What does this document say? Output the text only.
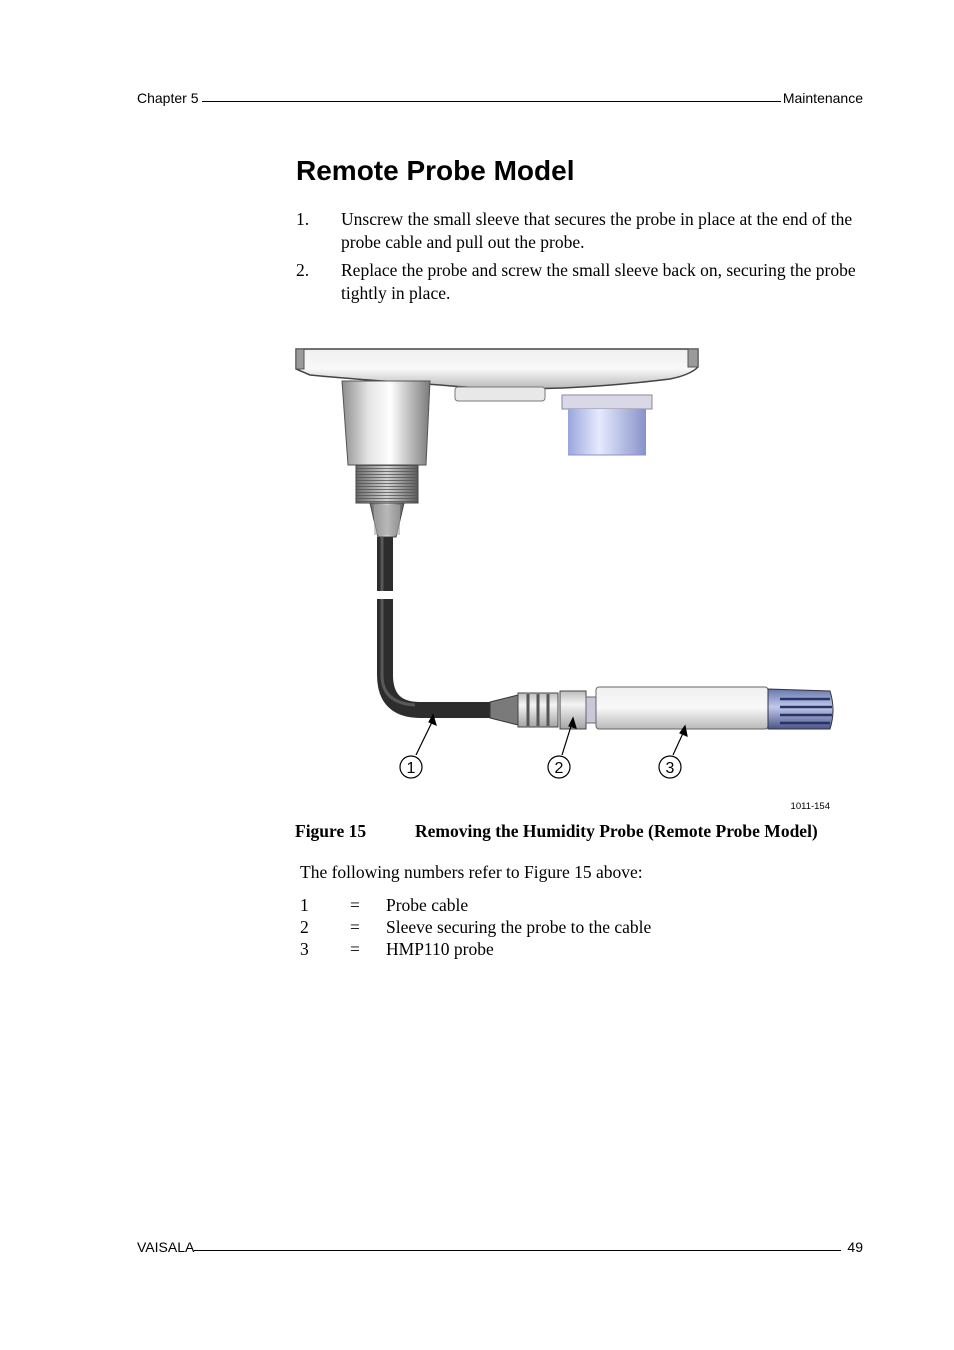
Chapter 5	Maintenance
Remote Probe Model
1.	Unscrew the small sleeve that secures the probe in place at the end of the probe cable and pull out the probe.
2.	Replace the probe and screw the small sleeve back on, securing the probe tightly in place.
1	2	3
1011-154
Figure 15	Removing the Humidity Probe (Remote Probe Model)
The following numbers refer to Figure 15 above:
1	=	Probe cable
2	=	Sleeve securing the probe to the cable
3	=	HMP110 probe
VAISALA	49
